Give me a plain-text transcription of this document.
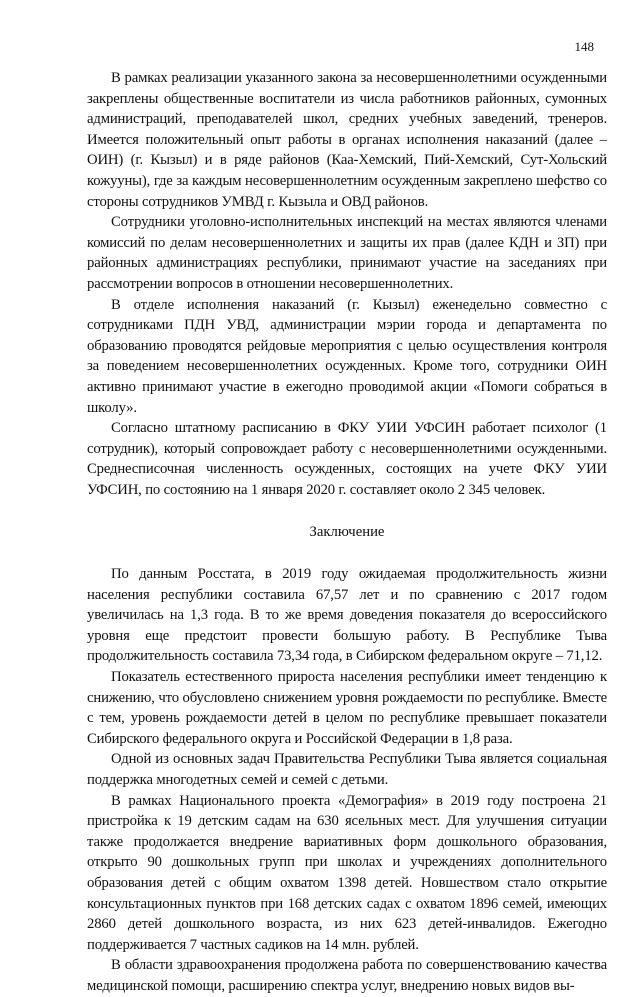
148

В рамках реализации указанного закона за несовершеннолетними осужденными закреплены общественные воспитатели из числа работников районных, сумонных администраций, преподавателей школ, средних учебных заведений, тренеров. Имеется положительный опыт работы в органах исполнения наказаний (далее – ОИН) (г. Кызыл) и в ряде районов (Каа-Хемский, Пий-Хемский, Сут-Хольский кожууны), где за каждым несовершеннолетним осужденным закреплено шефство со стороны сотрудников УМВД г. Кызыла и ОВД районов.

Сотрудники уголовно-исполнительных инспекций на местах являются членами комиссий по делам несовершеннолетних и защиты их прав (далее КДН и ЗП) при районных администрациях республики, принимают участие на заседаниях при рассмотрении вопросов в отношении несовершеннолетних.

В отделе исполнения наказаний (г. Кызыл) еженедельно совместно с сотрудниками ПДН УВД, администрации мэрии города и департамента по образованию проводятся рейдовые мероприятия с целью осуществления контроля за поведением несовершеннолетних осужденных. Кроме того, сотрудники ОИН активно принимают участие в ежегодно проводимой акции «Помоги собраться в школу».

Согласно штатному расписанию в ФКУ УИИ УФСИН работает психолог (1 сотрудник), который сопровождает работу с несовершеннолетними осужденными. Среднесписочная численность осужденных, состоящих на учете ФКУ УИИ УФСИН, по состоянию на 1 января 2020 г. составляет около 2 345 человек.

Заключение

По данным Росстата, в 2019 году ожидаемая продолжительность жизни населения республики составила 67,57 лет и по сравнению с 2017 годом увеличилась на 1,3 года. В то же время доведения показателя до всероссийского уровня еще предстоит провести большую работу. В Республике Тыва продолжительность составила 73,34 года, в Сибирском федеральном округе – 71,12.

Показатель естественного прироста населения республики имеет тенденцию к снижению, что обусловлено снижением уровня рождаемости по республике. Вместе с тем, уровень рождаемости детей в целом по республике превышает показатели Сибирского федерального округа и Российской Федерации в 1,8 раза.

Одной из основных задач Правительства Республики Тыва является социальная поддержка многодетных семей и семей с детьми.

В рамках Национального проекта «Демография» в 2019 году построена 21 пристройка к 19 детским садам на 630 ясельных мест. Для улучшения ситуации также продолжается внедрение вариативных форм дошкольного образования, открыто 90 дошкольных групп при школах и учреждениях дополнительного образования детей с общим охватом 1398 детей. Новшеством стало открытие консультационных пунктов при 168 детских садах с охватом 1896 семей, имеющих 2860 детей дошкольного возраста, из них 623 детей-инвалидов. Ежегодно поддерживается 7 частных садиков на 14 млн. рублей.

В области здравоохранения продолжена работа по совершенствованию качества медицинской помощи, расширению спектра услуг, внедрению новых видов вы-
